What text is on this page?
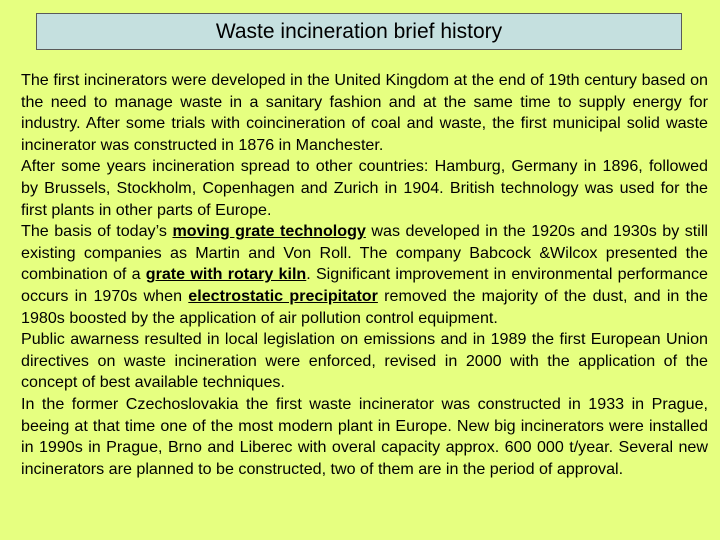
Waste incineration brief history

The first incinerators were developed in the United Kingdom at the end of 19th century based on the need to manage waste in a sanitary fashion and at the same time to supply energy for industry. After some trials with coincineration of coal and waste, the first municipal solid waste incinerator was constructed in 1876 in Manchester.

After some years incineration spread to other countries: Hamburg, Germany in 1896, followed by Brussels, Stockholm, Copenhagen and Zurich in 1904. British technology was used for the first plants in other parts of Europe.

The basis of today’s moving grate technology was developed in the 1920s and 1930s by still existing companies as Martin and Von Roll. The company Babcock &Wilcox presented the combination of a grate with rotary kiln. Significant improvement in environmental performance occurs in 1970s when electrostatic precipitator removed the majority of the dust, and in the 1980s boosted by the application of air pollution control equipment.

Public awarness resulted in local legislation on emissions and in 1989 the first European Union directives on waste incineration were enforced, revised in 2000 with the application of the concept of best available techniques.

In the former Czechoslovakia the first waste incinerator was constructed in 1933 in Prague, beeing at that time one of the most modern plant in Europe. New big incinerators were installed in 1990s in Prague, Brno and Liberec with overal capacity approx. 600 000 t/year. Several new incinerators are planned to be constructed, two of them are in the period of approval.
